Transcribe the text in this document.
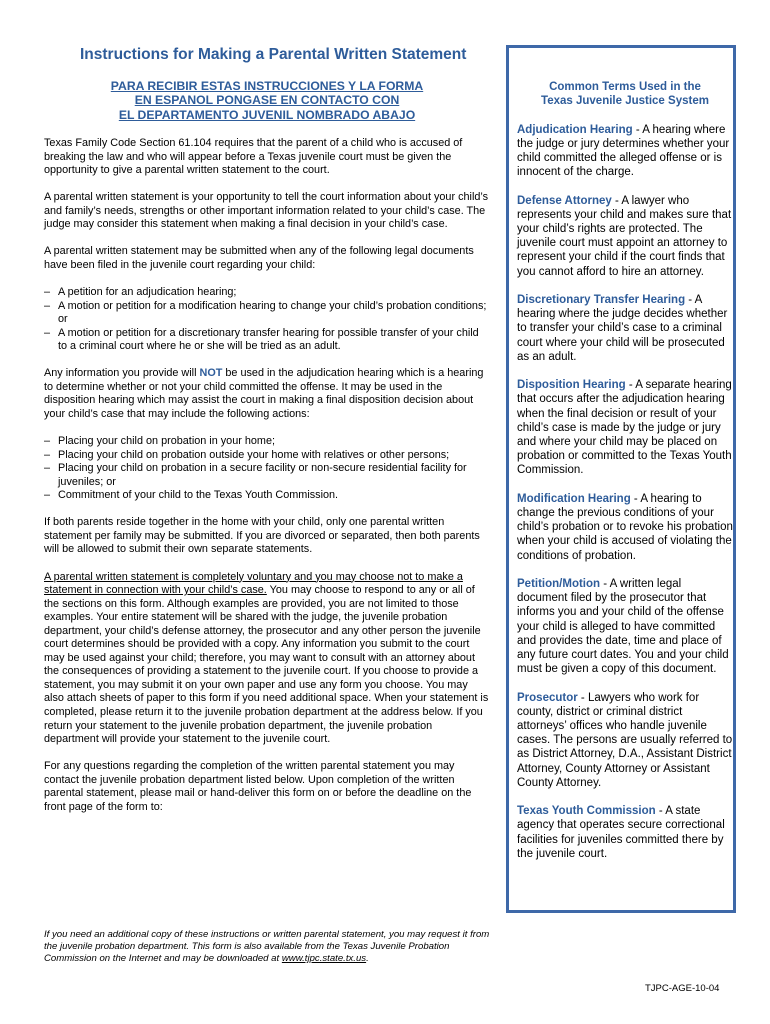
Instructions for Making a Parental Written Statement
PARA RECIBIR ESTAS INSTRUCCIONES Y LA FORMA
EN ESPANOL PONGASE EN CONTACTO CON
EL DEPARTAMENTO JUVENIL NOMBRADO ABAJO

Texas Family Code Section 61.104 requires that the parent of a child who is accused of breaking the law and who will appear before a Texas juvenile court must be given the opportunity to give a parental written statement to the court.

A parental written statement is your opportunity to tell the court information about your child’s and family’s needs, strengths or other important information related to your child’s case. The judge may consider this statement when making a final decision in your child’s case.

A parental written statement may be submitted when any of the following legal documents have been filed in the juvenile court regarding your child:

– A petition for an adjudication hearing;
– A motion or petition for a modification hearing to change your child’s probation conditions; or
– A motion or petition for a discretionary transfer hearing for possible transfer of your child to a criminal court where he or she will be tried as an adult.

Any information you provide will NOT be used in the adjudication hearing which is a hearing to determine whether or not your child committed the offense. It may be used in the disposition hearing which may assist the court in making a final disposition decision about your child’s case that may include the following actions:

– Placing your child on probation in your home;
– Placing your child on probation outside your home with relatives or other persons;
– Placing your child on probation in a secure facility or non-secure residential facility for juveniles; or
– Commitment of your child to the Texas Youth Commission.

If both parents reside together in the home with your child, only one parental written statement per family may be submitted. If you are divorced or separated, then both parents will be allowed to submit their own separate statements.

A parental written statement is completely voluntary and you may choose not to make a statement in connection with your child’s case. You may choose to respond to any or all of the sections on this form. Although examples are provided, you are not limited to those examples. Your entire statement will be shared with the judge, the juvenile probation department, your child’s defense attorney, the prosecutor and any other person the juvenile court determines should be provided with a copy. Any information you submit to the court may be used against your child; therefore, you may want to consult with an attorney about the consequences of providing a statement to the juvenile court. If you choose to provide a statement, you may submit it on your own paper and use any form you choose. You may also attach sheets of paper to this form if you need additional space. When your statement is completed, please return it to the juvenile probation department at the address below. If you return your statement to the juvenile probation department, the juvenile probation department will provide your statement to the juvenile court.

For any questions regarding the completion of the written parental statement you may contact the juvenile probation department listed below. Upon completion of the written parental statement, please mail or hand-deliver this form on or before the deadline on the front page of the form to:

Common Terms Used in the
Texas Juvenile Justice System
Adjudication Hearing - A hearing where the judge or jury determines whether your child committed the alleged offense or is innocent of the charge.
Defense Attorney - A lawyer who represents your child and makes sure that your child’s rights are protected. The juvenile court must appoint an attorney to represent your child if the court finds that you cannot afford to hire an attorney.
Discretionary Transfer Hearing - A hearing where the judge decides whether to transfer your child’s case to a criminal court where your child will be prosecuted as an adult.
Disposition Hearing - A separate hearing that occurs after the adjudication hearing when the final decision or result of your child’s case is made by the judge or jury and where your child may be placed on probation or committed to the Texas Youth Commission.
Modification Hearing - A hearing to change the previous conditions of your child’s probation or to revoke his probation when your child is accused of violating the conditions of probation.
Petition/Motion - A written legal document filed by the prosecutor that informs you and your child of the offense your child is alleged to have committed and provides the date, time and place of any future court dates. You and your child must be given a copy of this document.
Prosecutor - Lawyers who work for county, district or criminal district attorneys’ offices who handle juvenile cases. The persons are usually referred to as District Attorney, D.A., Assistant District Attorney, County Attorney or Assistant County Attorney.
Texas Youth Commission - A state agency that operates secure correctional facilities for juveniles committed there by the juvenile court.
If you need an additional copy of these instructions or written parental statement, you may request it from the juvenile probation department. This form is also available from the Texas Juvenile Probation Commission on the Internet and may be downloaded at www.tjpc.state.tx.us.
TJPC-AGE-10-04
